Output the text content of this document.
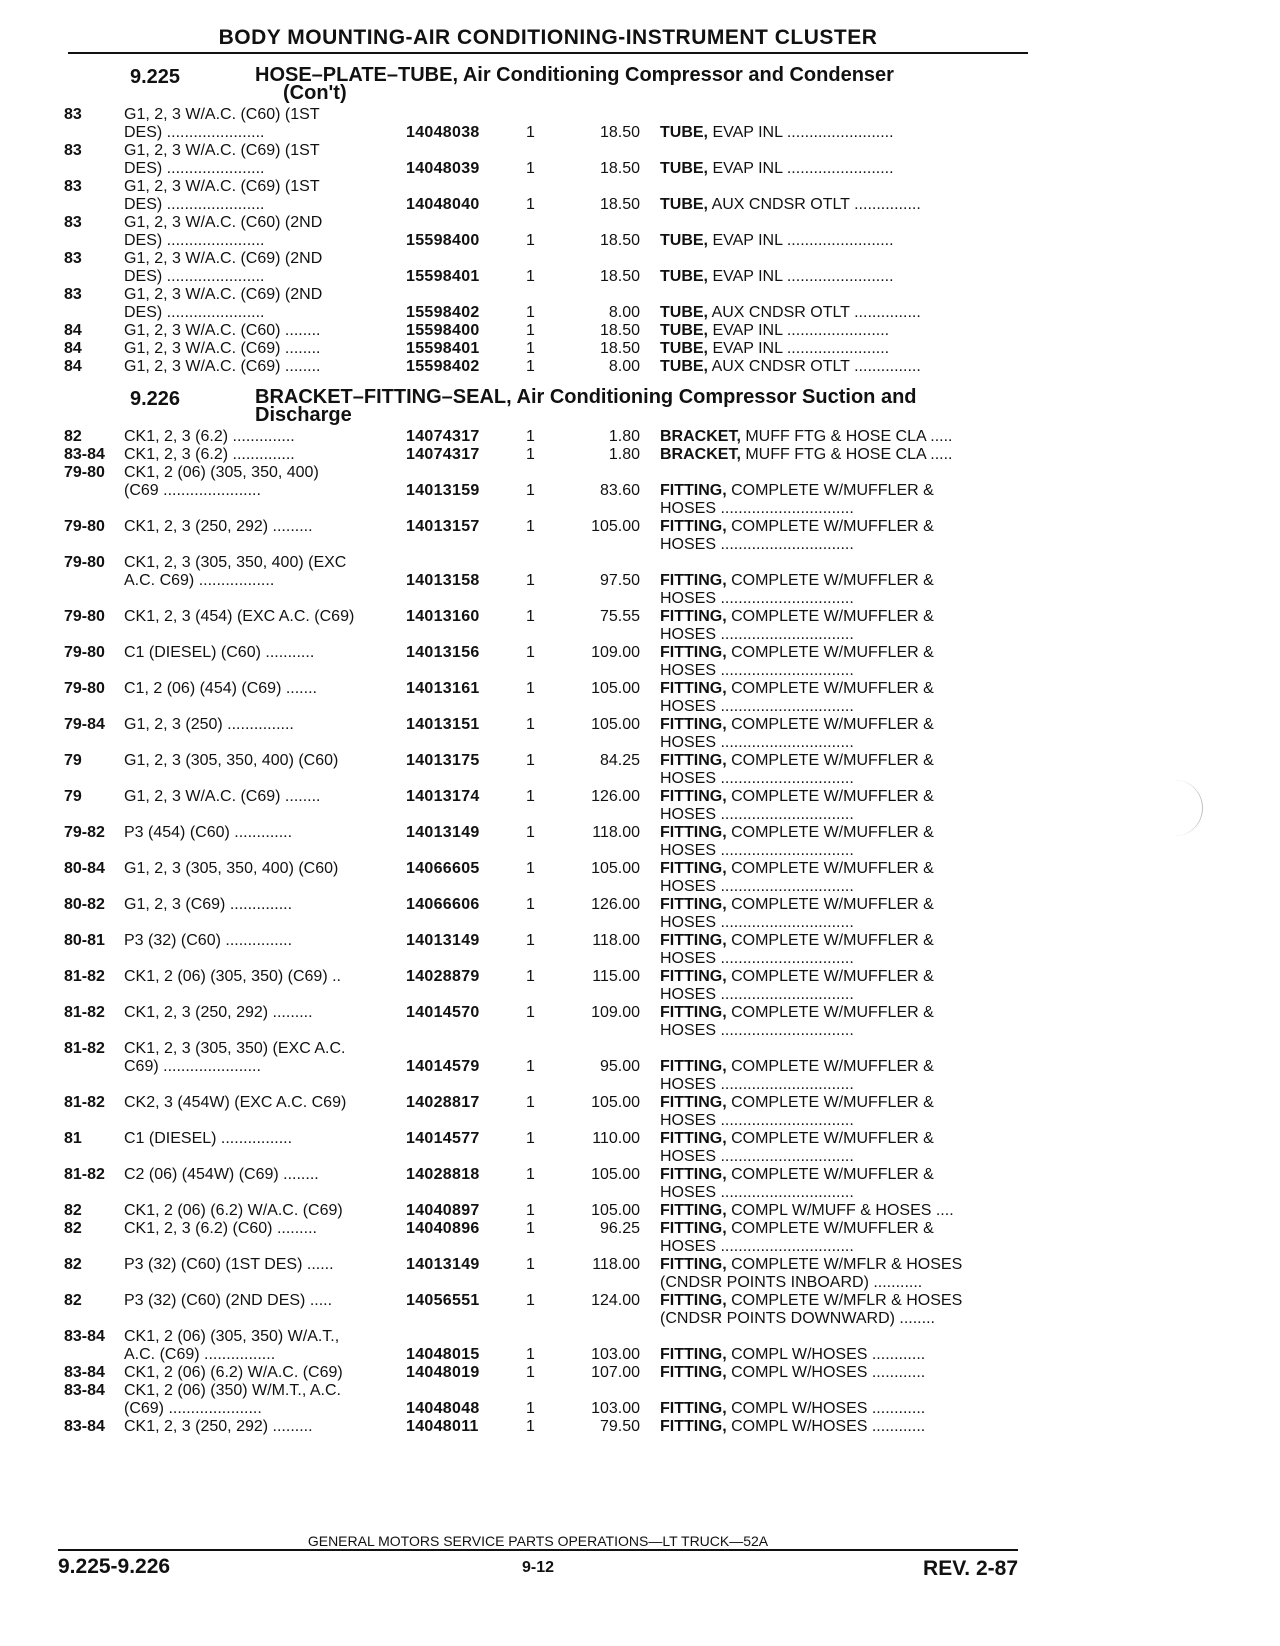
BODY MOUNTING-AIR CONDITIONING-INSTRUMENT CLUSTER
9.225	HOSE–PLATE–TUBE, Air Conditioning Compressor and Condenser
(Con't)
83	G1, 2, 3 W/A.C. (C60) (1ST
DES) ......................	14048038	1	18.50 TUBE, EVAP INL ........................
83	G1, 2, 3 W/A.C. (C69) (1ST
DES) ......................	14048039	1	18.50 TUBE, EVAP INL ........................
83	G1, 2, 3 W/A.C. (C69) (1ST
DES) ......................	14048040	1	18.50 TUBE, AUX CNDSR OTLT ...............
83	G1, 2, 3 W/A.C. (C60) (2ND
DES) ......................	15598400	1	18.50 TUBE, EVAP INL ........................
83	G1, 2, 3 W/A.C. (C69) (2ND
DES) ......................	15598401	1	18.50 TUBE, EVAP INL ........................
83	G1, 2, 3 W/A.C. (C69) (2ND
DES) ......................	15598402	1	8.00 TUBE, AUX CNDSR OTLT ...............
84	G1, 2, 3 W/A.C. (C60) ........	15598400	1	18.50 TUBE, EVAP INL .......................
84	G1, 2, 3 W/A.C. (C69) ........	15598401	1	18.50 TUBE, EVAP INL .......................
84	G1, 2, 3 W/A.C. (C69) ........	15598402	1	8.00 TUBE, AUX CNDSR OTLT ...............
9.226	BRACKET–FITTING–SEAL, Air Conditioning Compressor Suction and
Discharge
82	CK1, 2, 3 (6.2) ..............	14074317	1	1.80 BRACKET, MUFF FTG & HOSE CLA .....
83-84 CK1, 2, 3 (6.2) ..............	14074317	1	1.80 BRACKET, MUFF FTG & HOSE CLA .....
79-80 CK1, 2 (06) (305, 350, 400)
(C69 ......................	14013159	1	83.60 FITTING, COMPLETE W/MUFFLER &
HOSES ..............................
79-80 CK1, 2, 3 (250, 292) .........	14013157	1	105.00 FITTING, COMPLETE W/MUFFLER &
HOSES ..............................
79-80 CK1, 2, 3 (305, 350, 400) (EXC
A.C. C69) .................	14013158	1	97.50 FITTING, COMPLETE W/MUFFLER &
HOSES ..............................
79-80 CK1, 2, 3 (454) (EXC A.C. (C69)	14013160	1	75.55 FITTING, COMPLETE W/MUFFLER &
HOSES ..............................
79-80 C1 (DIESEL) (C60) ...........	14013156	1	109.00 FITTING, COMPLETE W/MUFFLER &
HOSES ..............................
79-80 C1, 2 (06) (454) (C69) .......	14013161	1	105.00 FITTING, COMPLETE W/MUFFLER &
HOSES ..............................
79-84 G1, 2, 3 (250) ...............	14013151	1	105.00 FITTING, COMPLETE W/MUFFLER &
HOSES ..............................
79	G1, 2, 3 (305, 350, 400) (C60)	14013175	1	84.25 FITTING, COMPLETE W/MUFFLER &
HOSES ..............................
79	G1, 2, 3 W/A.C. (C69) ........	14013174	1	126.00 FITTING, COMPLETE W/MUFFLER &
HOSES ..............................
79-82 P3 (454) (C60) .............	14013149	1	118.00 FITTING, COMPLETE W/MUFFLER &
HOSES ..............................
80-84 G1, 2, 3 (305, 350, 400) (C60)	14066605	1	105.00 FITTING, COMPLETE W/MUFFLER &
HOSES ..............................
80-82 G1, 2, 3 (C69) ..............	14066606	1	126.00 FITTING, COMPLETE W/MUFFLER &
HOSES ..............................
80-81 P3 (32) (C60) ...............	14013149	1	118.00 FITTING, COMPLETE W/MUFFLER &
HOSES ..............................
81-82 CK1, 2 (06) (305, 350) (C69) ..	14028879	1	115.00 FITTING, COMPLETE W/MUFFLER &
HOSES ..............................
81-82 CK1, 2, 3 (250, 292) .........	14014570	1	109.00 FITTING, COMPLETE W/MUFFLER &
HOSES ..............................
81-82 CK1, 2, 3 (305, 350) (EXC A.C.
C69) ......................	14014579	1	95.00 FITTING, COMPLETE W/MUFFLER &
HOSES ..............................
81-82 CK2, 3 (454W) (EXC A.C. C69)	14028817	1	105.00 FITTING, COMPLETE W/MUFFLER &
HOSES ..............................
81	C1 (DIESEL) ................	14014577	1	110.00 FITTING, COMPLETE W/MUFFLER &
HOSES ..............................
81-82 C2 (06) (454W) (C69) ........	14028818	1	105.00 FITTING, COMPLETE W/MUFFLER &
HOSES ..............................
82	CK1, 2 (06) (6.2) W/A.C. (C69)	14040897	1	105.00 FITTING, COMPL W/MUFF & HOSES ....
82	CK1, 2, 3 (6.2) (C60) .........	14040896	1	96.25 FITTING, COMPLETE W/MUFFLER &
HOSES ..............................
82	P3 (32) (C60) (1ST DES) ......	14013149	1	118.00 FITTING, COMPLETE W/MFLR & HOSES
(CNDSR POINTS INBOARD) ...........
82	P3 (32) (C60) (2ND DES) .....	14056551	1	124.00 FITTING, COMPLETE W/MFLR & HOSES
(CNDSR POINTS DOWNWARD) ........
83-84 CK1, 2 (06) (305, 350) W/A.T.,
A.C. (C69) ................	14048015	1	103.00 FITTING, COMPL W/HOSES ............
83-84 CK1, 2 (06) (6.2) W/A.C. (C69)	14048019	1	107.00 FITTING, COMPL W/HOSES ............
83-84 CK1, 2 (06) (350) W/M.T., A.C.
(C69) .....................	14048048	1	103.00 FITTING, COMPL W/HOSES ............
83-84 CK1, 2, 3 (250, 292) .........	14048011	1	79.50 FITTING, COMPL W/HOSES ............
GENERAL MOTORS SERVICE PARTS OPERATIONS—LT TRUCK—52A
9.225-9.226	9-12	REV. 2-87
